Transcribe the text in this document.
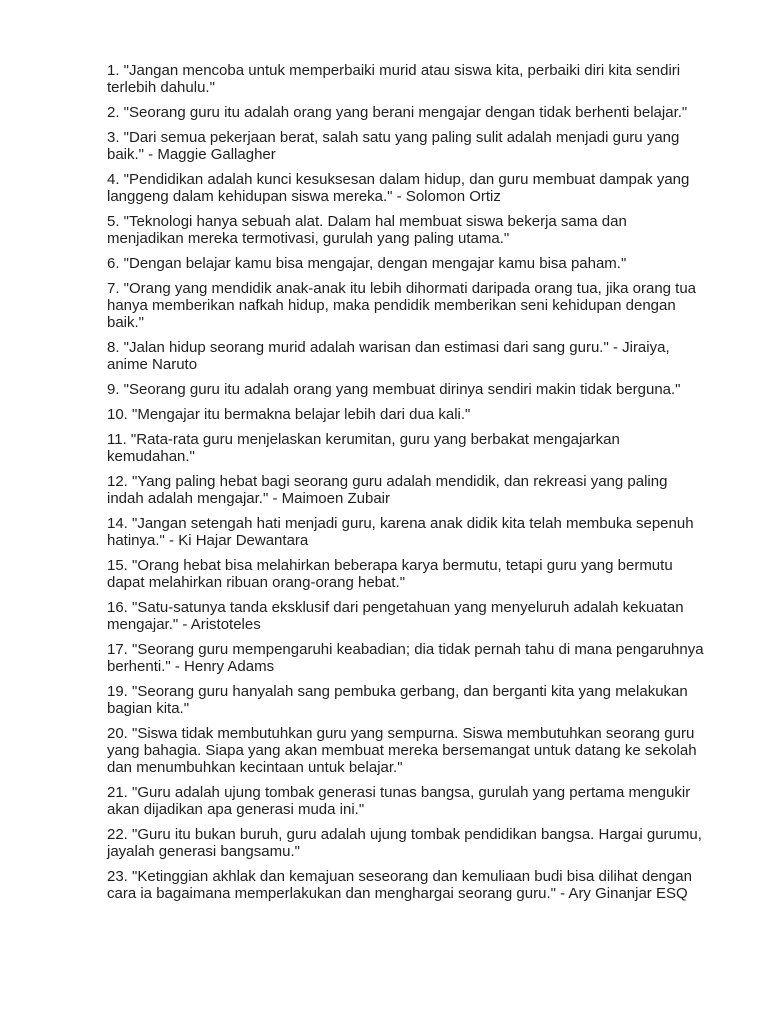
1. "Jangan mencoba untuk memperbaiki murid atau siswa kita, perbaiki diri kita sendiri terlebih dahulu."

2. "Seorang guru itu adalah orang yang berani mengajar dengan tidak berhenti belajar."

3. "Dari semua pekerjaan berat, salah satu yang paling sulit adalah menjadi guru yang baik." - Maggie Gallagher

4. "Pendidikan adalah kunci kesuksesan dalam hidup, dan guru membuat dampak yang langgeng dalam kehidupan siswa mereka." - Solomon Ortiz

5. "Teknologi hanya sebuah alat. Dalam hal membuat siswa bekerja sama dan menjadikan mereka termotivasi, gurulah yang paling utama."

6. "Dengan belajar kamu bisa mengajar, dengan mengajar kamu bisa paham."

7. "Orang yang mendidik anak-anak itu lebih dihormati daripada orang tua, jika orang tua hanya memberikan nafkah hidup, maka pendidik memberikan seni kehidupan dengan baik."

8. "Jalan hidup seorang murid adalah warisan dan estimasi dari sang guru." - Jiraiya, anime Naruto

9. "Seorang guru itu adalah orang yang membuat dirinya sendiri makin tidak berguna."

10. "Mengajar itu bermakna belajar lebih dari dua kali."

11. "Rata-rata guru menjelaskan kerumitan, guru yang berbakat mengajarkan kemudahan."

12. "Yang paling hebat bagi seorang guru adalah mendidik, dan rekreasi yang paling indah adalah mengajar." - Maimoen Zubair

14. "Jangan setengah hati menjadi guru, karena anak didik kita telah membuka sepenuh hatinya." - Ki Hajar Dewantara

15. "Orang hebat bisa melahirkan beberapa karya bermutu, tetapi guru yang bermutu dapat melahirkan ribuan orang-orang hebat."

16. "Satu-satunya tanda eksklusif dari pengetahuan yang menyeluruh adalah kekuatan mengajar." - Aristoteles

17. "Seorang guru mempengaruhi keabadian; dia tidak pernah tahu di mana pengaruhnya berhenti." - Henry Adams

19. "Seorang guru hanyalah sang pembuka gerbang, dan berganti kita yang melakukan bagian kita."

20. "Siswa tidak membutuhkan guru yang sempurna. Siswa membutuhkan seorang guru yang bahagia. Siapa yang akan membuat mereka bersemangat untuk datang ke sekolah dan menumbuhkan kecintaan untuk belajar."

21. "Guru adalah ujung tombak generasi tunas bangsa, gurulah yang pertama mengukir akan dijadikan apa generasi muda ini."

22. "Guru itu bukan buruh, guru adalah ujung tombak pendidikan bangsa. Hargai gurumu, jayalah generasi bangsamu."

23. "Ketinggian akhlak dan kemajuan seseorang dan kemuliaan budi bisa dilihat dengan cara ia bagaimana memperlakukan dan menghargai seorang guru." - Ary Ginanjar ESQ
